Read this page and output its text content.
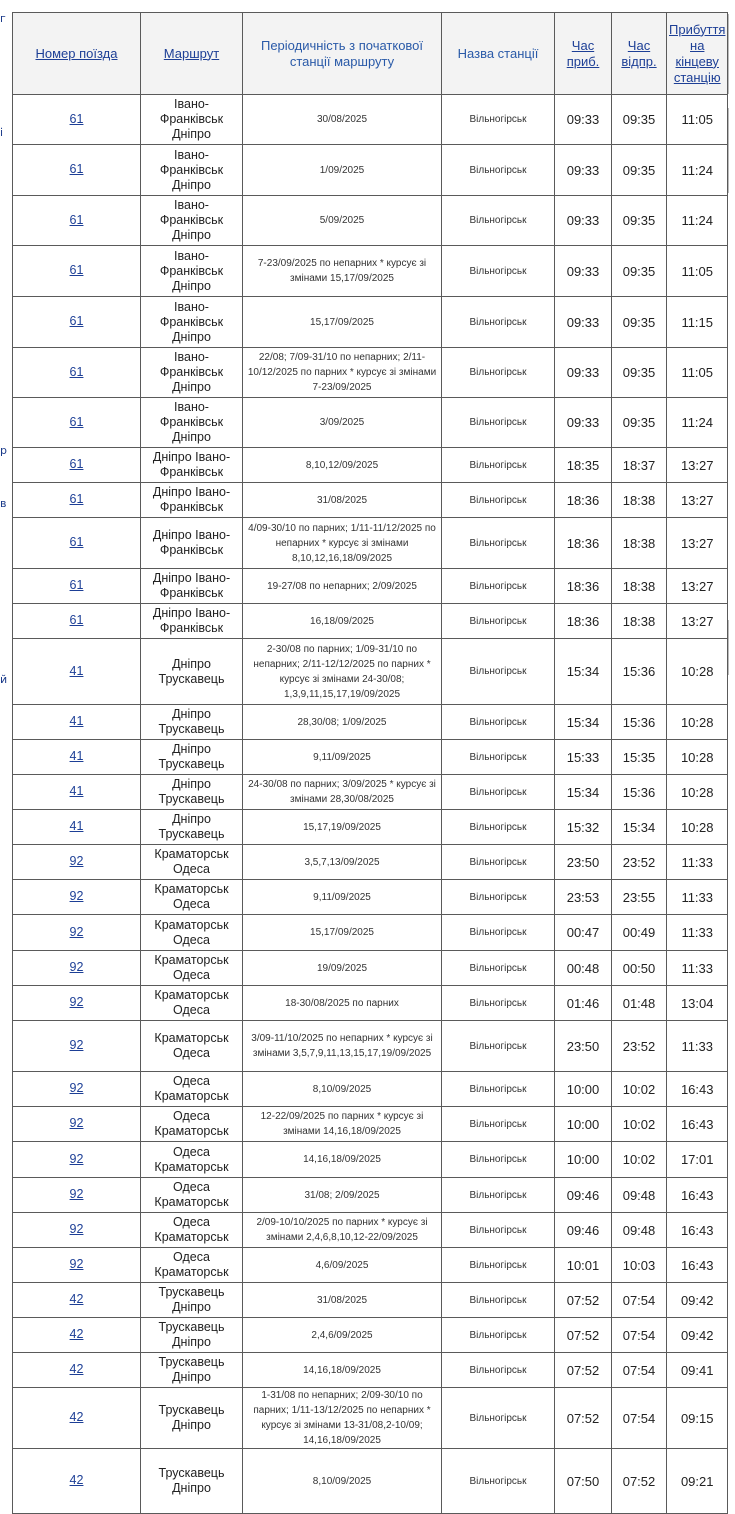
г
і
р
в
й
Номер поїзда	Маршрут	Періодичність з початкової станції маршруту	Назва станції	Час приб.	Час відпр.	Прибуття на кінцеву станцію
61	Івано-Франківськ Дніпро	30/08/2025	Вільногірськ	09:33	09:35	11:05
61	Івано-Франківськ Дніпро	1/09/2025	Вільногірськ	09:33	09:35	11:24
61	Івано-Франківськ Дніпро	5/09/2025	Вільногірськ	09:33	09:35	11:24
61	Івано-Франківськ Дніпро	7-23/09/2025 по непарних * курсує зі змінами 15,17/09/2025	Вільногірськ	09:33	09:35	11:05
61	Івано-Франківськ Дніпро	15,17/09/2025	Вільногірськ	09:33	09:35	11:15
61	Івано-Франківськ Дніпро	22/08; 7/09-31/10 по непарних; 2/11-10/12/2025 по парних * курсує зі змінами 7-23/09/2025	Вільногірськ	09:33	09:35	11:05
61	Івано-Франківськ Дніпро	3/09/2025	Вільногірськ	09:33	09:35	11:24
61	Дніпро Івано-Франківськ	8,10,12/09/2025	Вільногірськ	18:35	18:37	13:27
61	Дніпро Івано-Франківськ	31/08/2025	Вільногірськ	18:36	18:38	13:27
61	Дніпро Івано-Франківськ	4/09-30/10 по парних; 1/11-11/12/2025 по непарних * курсує зі змінами 8,10,12,16,18/09/2025	Вільногірськ	18:36	18:38	13:27
61	Дніпро Івано-Франківськ	19-27/08 по непарних; 2/09/2025	Вільногірськ	18:36	18:38	13:27
61	Дніпро Івано-Франківськ	16,18/09/2025	Вільногірськ	18:36	18:38	13:27
41	Дніпро Трускавець	2-30/08 по парних; 1/09-31/10 по непарних; 2/11-12/12/2025 по парних * курсує зі змінами 24-30/08; 1,3,9,11,15,17,19/09/2025	Вільногірськ	15:34	15:36	10:28
41	Дніпро Трускавець	28,30/08; 1/09/2025	Вільногірськ	15:34	15:36	10:28
41	Дніпро Трускавець	9,11/09/2025	Вільногірськ	15:33	15:35	10:28
41	Дніпро Трускавець	24-30/08 по парних; 3/09/2025 * курсує зі змінами 28,30/08/2025	Вільногірськ	15:34	15:36	10:28
41	Дніпро Трускавець	15,17,19/09/2025	Вільногірськ	15:32	15:34	10:28
92	Краматорськ Одеса	3,5,7,13/09/2025	Вільногірськ	23:50	23:52	11:33
92	Краматорськ Одеса	9,11/09/2025	Вільногірськ	23:53	23:55	11:33
92	Краматорськ Одеса	15,17/09/2025	Вільногірськ	00:47	00:49	11:33
92	Краматорськ Одеса	19/09/2025	Вільногірськ	00:48	00:50	11:33
92	Краматорськ Одеса	18-30/08/2025 по парних	Вільногірськ	01:46	01:48	13:04
92	Краматорськ Одеса	3/09-11/10/2025 по непарних * курсує зі змінами 3,5,7,9,11,13,15,17,19/09/2025	Вільногірськ	23:50	23:52	11:33
92	Одеса Краматорськ	8,10/09/2025	Вільногірськ	10:00	10:02	16:43
92	Одеса Краматорськ	12-22/09/2025 по парних * курсує зі змінами 14,16,18/09/2025	Вільногірськ	10:00	10:02	16:43
92	Одеса Краматорськ	14,16,18/09/2025	Вільногірськ	10:00	10:02	17:01
92	Одеса Краматорськ	31/08; 2/09/2025	Вільногірськ	09:46	09:48	16:43
92	Одеса Краматорськ	2/09-10/10/2025 по парних * курсує зі змінами 2,4,6,8,10,12-22/09/2025	Вільногірськ	09:46	09:48	16:43
92	Одеса Краматорськ	4,6/09/2025	Вільногірськ	10:01	10:03	16:43
42	Трускавець Дніпро	31/08/2025	Вільногірськ	07:52	07:54	09:42
42	Трускавець Дніпро	2,4,6/09/2025	Вільногірськ	07:52	07:54	09:42
42	Трускавець Дніпро	14,16,18/09/2025	Вільногірськ	07:52	07:54	09:41
42	Трускавець Дніпро	1-31/08 по непарних; 2/09-30/10 по парних; 1/11-13/12/2025 по непарних * курсує зі змінами 13-31/08,2-10/09; 14,16,18/09/2025	Вільногірськ	07:52	07:54	09:15
42	Трускавець Дніпро	8,10/09/2025	Вільногірськ	07:50	07:52	09:21
